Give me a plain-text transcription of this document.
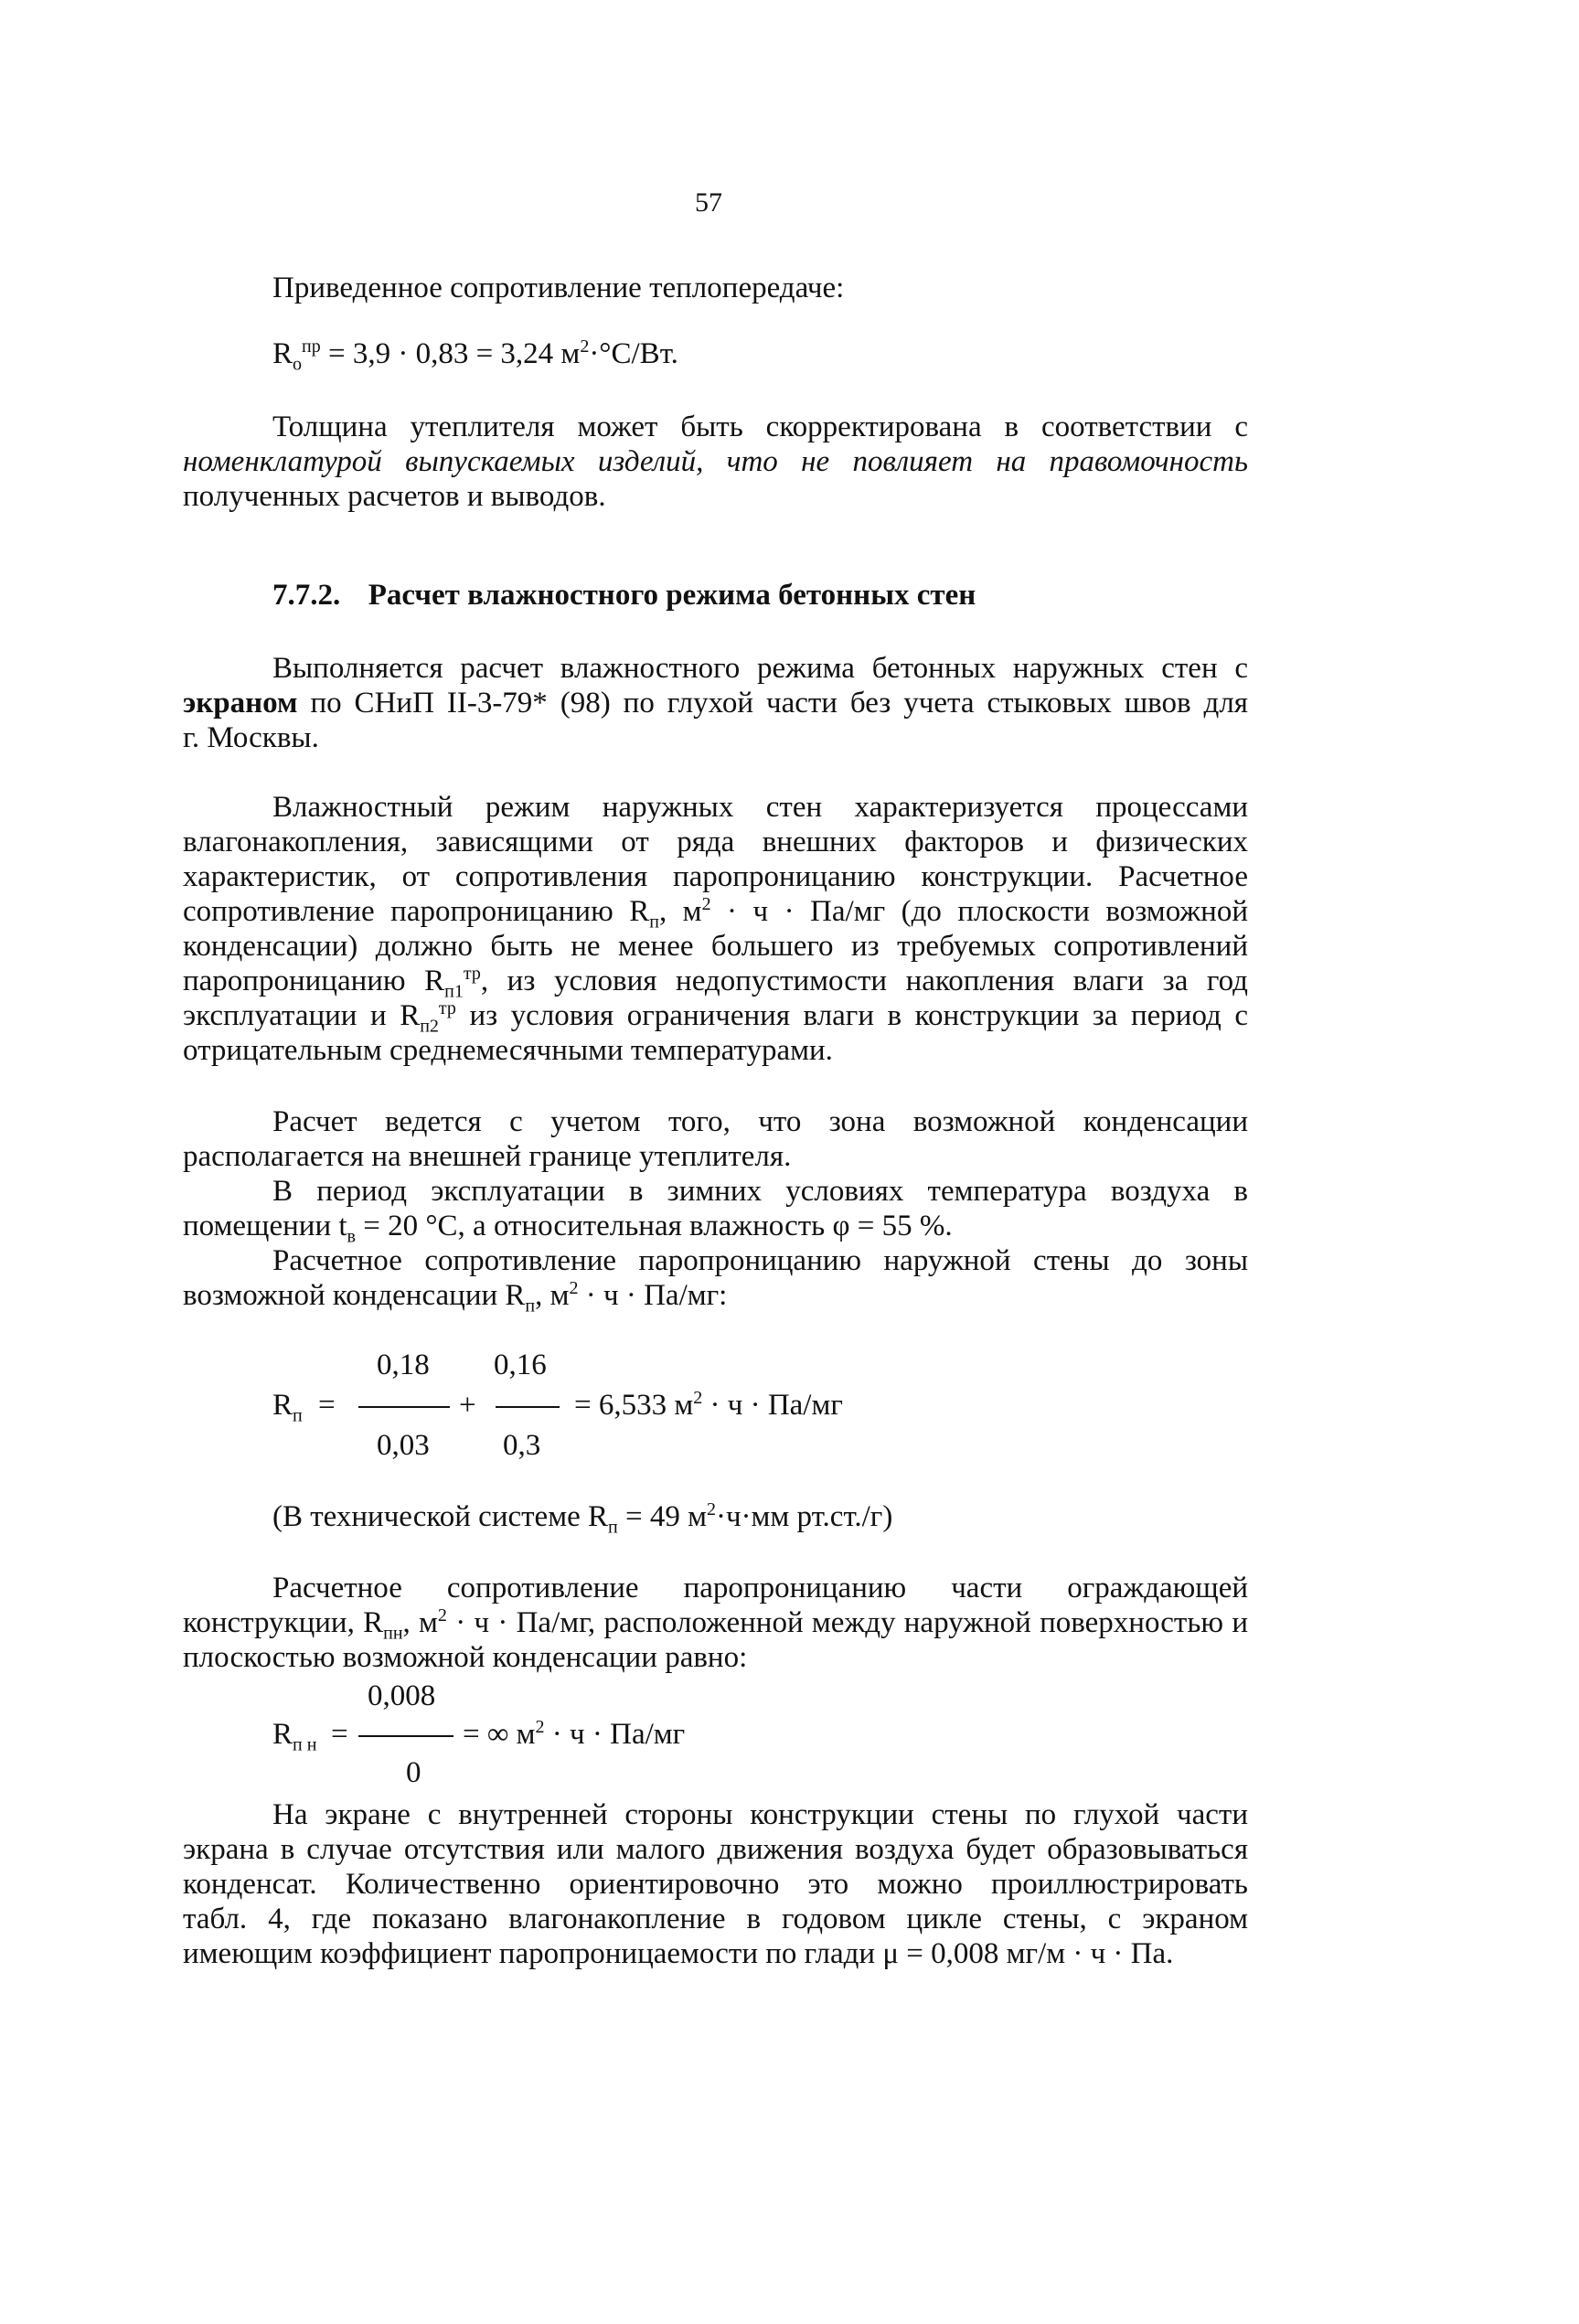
57
Приведенное сопротивление теплопередаче:
$R_о^{пр} = 3,9 \cdot 0,83 = 3,24$ $м^2\cdot^\circ С/Вт$.
Толщина утеплителя может быть скорректирована в соответствии с
номенклатурой выпускаемых изделий, что не повлияет на правомочность
полученных расчетов и выводов.
7.7.2. Расчет влажностного режима бетонных стен
Выполняется расчет влажностного режима бетонных наружных стен с
экраном по СНиП II-3-79* (98) по глухой части без учета стыковых швов для
г. Москвы.
Влажностный режим наружных стен характеризуется процессами
влагонакопления, зависящими от ряда внешних факторов и физических
характеристик, от сопротивления паропроницанию конструкции. Расчетное
сопротивление паропроницанию $R_п$, $м^2 \cdot ч \cdot Па/мг$ (до плоскости возможной
конденсации) должно быть не менее большего из требуемых сопротивлений
паропроницанию $R_{п1}^{тр}$, из условия недопустимости накопления влаги за год
эксплуатации и $R_{п2}^{тр}$ из условия ограничения влаги в конструкции за период с
отрицательным среднемесячными температурами.
Расчет ведется с учетом того, что зона возможной конденсации
располагается на внешней границе утеплителя.
В период эксплуатации в зимних условиях температура воздуха в
помещении $t_в = 20$ °С, а относительная влажность φ = 55 %.
Расчетное сопротивление паропроницанию наружной стены до зоны
возможной конденсации $R_п$, $м^2 \cdot ч \cdot Па/мг$:
0,18 0,16
$R_п$ =	+	= 6,533 $м^2 \cdot ч \cdot Па/мг$
0,03 0,3
(В технической системе $R_п = 49$ $м^2\cdot ч\cdot мм$ рт.ст./г)
Расчетное сопротивление паропроницанию части ограждающей
конструкции, $R_{пн}$, $м^2 \cdot ч \cdot Па/мг$, расположенной между наружной поверхностью и
плоскостью возможной конденсации равно:
0,008
$R_{п н}$ =	= ∞ $м^2 \cdot ч \cdot Па/мг$
0
На экране с внутренней стороны конструкции стены по глухой части
экрана в случае отсутствия или малого движения воздуха будет образовываться
конденсат. Количественно ориентировочно это можно проиллюстрировать
табл. 4, где показано влагонакопление в годовом цикле стены, с экраном
имеющим коэффициент паропроницаемости по глади μ = 0,008 мг/м · ч · Па.
